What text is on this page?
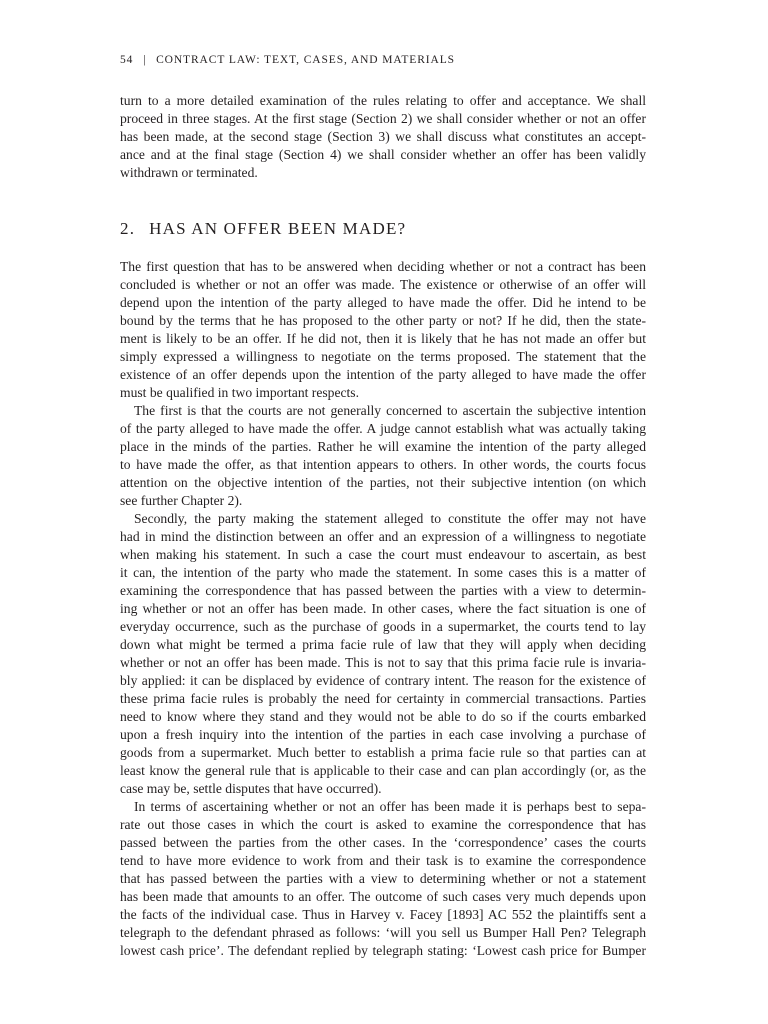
54 | CONTRACT LAW: TEXT, CASES, AND MATERIALS
turn to a more detailed examination of the rules relating to offer and acceptance. We shall
proceed in three stages. At the first stage (Section 2) we shall consider whether or not an offer
has been made, at the second stage (Section 3) we shall discuss what constitutes an accept-
ance and at the final stage (Section 4) we shall consider whether an offer has been validly
withdrawn or terminated.
2. HAS AN OFFER BEEN MADE?
The first question that has to be answered when deciding whether or not a contract has been
concluded is whether or not an offer was made. The existence or otherwise of an offer will
depend upon the intention of the party alleged to have made the offer. Did he intend to be
bound by the terms that he has proposed to the other party or not? If he did, then the state-
ment is likely to be an offer. If he did not, then it is likely that he has not made an offer but
simply expressed a willingness to negotiate on the terms proposed. The statement that the
existence of an offer depends upon the intention of the party alleged to have made the offer
must be qualified in two important respects.
The first is that the courts are not generally concerned to ascertain the subjective intention
of the party alleged to have made the offer. A judge cannot establish what was actually taking
place in the minds of the parties. Rather he will examine the intention of the party alleged
to have made the offer, as that intention appears to others. In other words, the courts focus
attention on the objective intention of the parties, not their subjective intention (on which
see further Chapter 2).
Secondly, the party making the statement alleged to constitute the offer may not have
had in mind the distinction between an offer and an expression of a willingness to negotiate
when making his statement. In such a case the court must endeavour to ascertain, as best
it can, the intention of the party who made the statement. In some cases this is a matter of
examining the correspondence that has passed between the parties with a view to determin-
ing whether or not an offer has been made. In other cases, where the fact situation is one of
everyday occurrence, such as the purchase of goods in a supermarket, the courts tend to lay
down what might be termed a prima facie rule of law that they will apply when deciding
whether or not an offer has been made. This is not to say that this prima facie rule is invaria-
bly applied: it can be displaced by evidence of contrary intent. The reason for the existence of
these prima facie rules is probably the need for certainty in commercial transactions. Parties
need to know where they stand and they would not be able to do so if the courts embarked
upon a fresh inquiry into the intention of the parties in each case involving a purchase of
goods from a supermarket. Much better to establish a prima facie rule so that parties can at
least know the general rule that is applicable to their case and can plan accordingly (or, as the
case may be, settle disputes that have occurred).
In terms of ascertaining whether or not an offer has been made it is perhaps best to sepa-
rate out those cases in which the court is asked to examine the correspondence that has
passed between the parties from the other cases. In the ‘correspondence’ cases the courts
tend to have more evidence to work from and their task is to examine the correspondence
that has passed between the parties with a view to determining whether or not a statement
has been made that amounts to an offer. The outcome of such cases very much depends upon
the facts of the individual case. Thus in Harvey v. Facey [1893] AC 552 the plaintiffs sent a
telegraph to the defendant phrased as follows: ‘will you sell us Bumper Hall Pen? Telegraph
lowest cash price’. The defendant replied by telegraph stating: ‘Lowest cash price for Bumper
